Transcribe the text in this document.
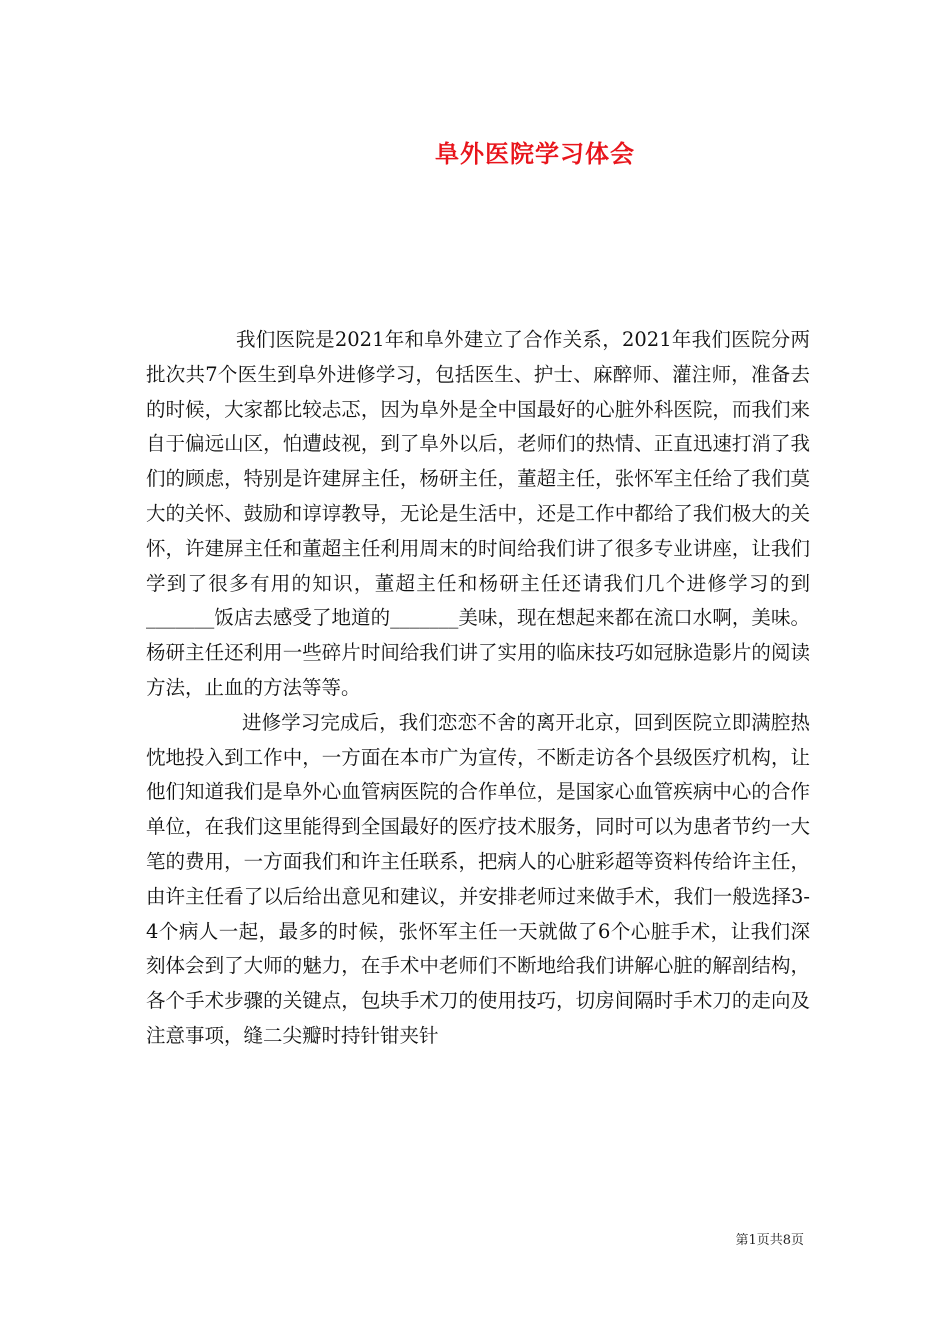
阜外医院学习体会

我们医院是2021年和阜外建立了合作关系，2021年我们医院分两批次共7个医生到阜外进修学习，包括医生、护士、麻醉师、灌注师，准备去的时候，大家都比较忐忑，因为阜外是全中国最好的心脏外科医院，而我们来自于偏远山区，怕遭歧视，到了阜外以后，老师们的热情、正直迅速打消了我们的顾虑，特别是许建屏主任，杨研主任，董超主任，张怀军主任给了我们莫大的关怀、鼓励和谆谆教导，无论是生活中，还是工作中都给了我们极大的关怀，许建屏主任和董超主任利用周末的时间给我们讲了很多专业讲座，让我们学到了很多有用的知识，董超主任和杨研主任还请我们几个进修学习的到_______饭店去感受了地道的_______美味，现在想起来都在流口水啊，美味。杨研主任还利用一些碎片时间给我们讲了实用的临床技巧如冠脉造影片的阅读方法，止血的方法等等。

进修学习完成后，我们恋恋不舍的离开北京，回到医院立即满腔热忱地投入到工作中，一方面在本市广为宣传，不断走访各个县级医疗机构，让他们知道我们是阜外心血管病医院的合作单位，是国家心血管疾病中心的合作单位，在我们这里能得到全国最好的医疗技术服务，同时可以为患者节约一大笔的费用，一方面我们和许主任联系，把病人的心脏彩超等资料传给许主任，由许主任看了以后给出意见和建议，并安排老师过来做手术，我们一般选择3-4个病人一起，最多的时候，张怀军主任一天就做了6个心脏手术，让我们深刻体会到了大师的魅力，在手术中老师们不断地给我们讲解心脏的解剖结构，各个手术步骤的关键点，包块手术刀的使用技巧，切房间隔时手术刀的走向及注意事项，缝二尖瓣时持针钳夹针

第1页共8页
